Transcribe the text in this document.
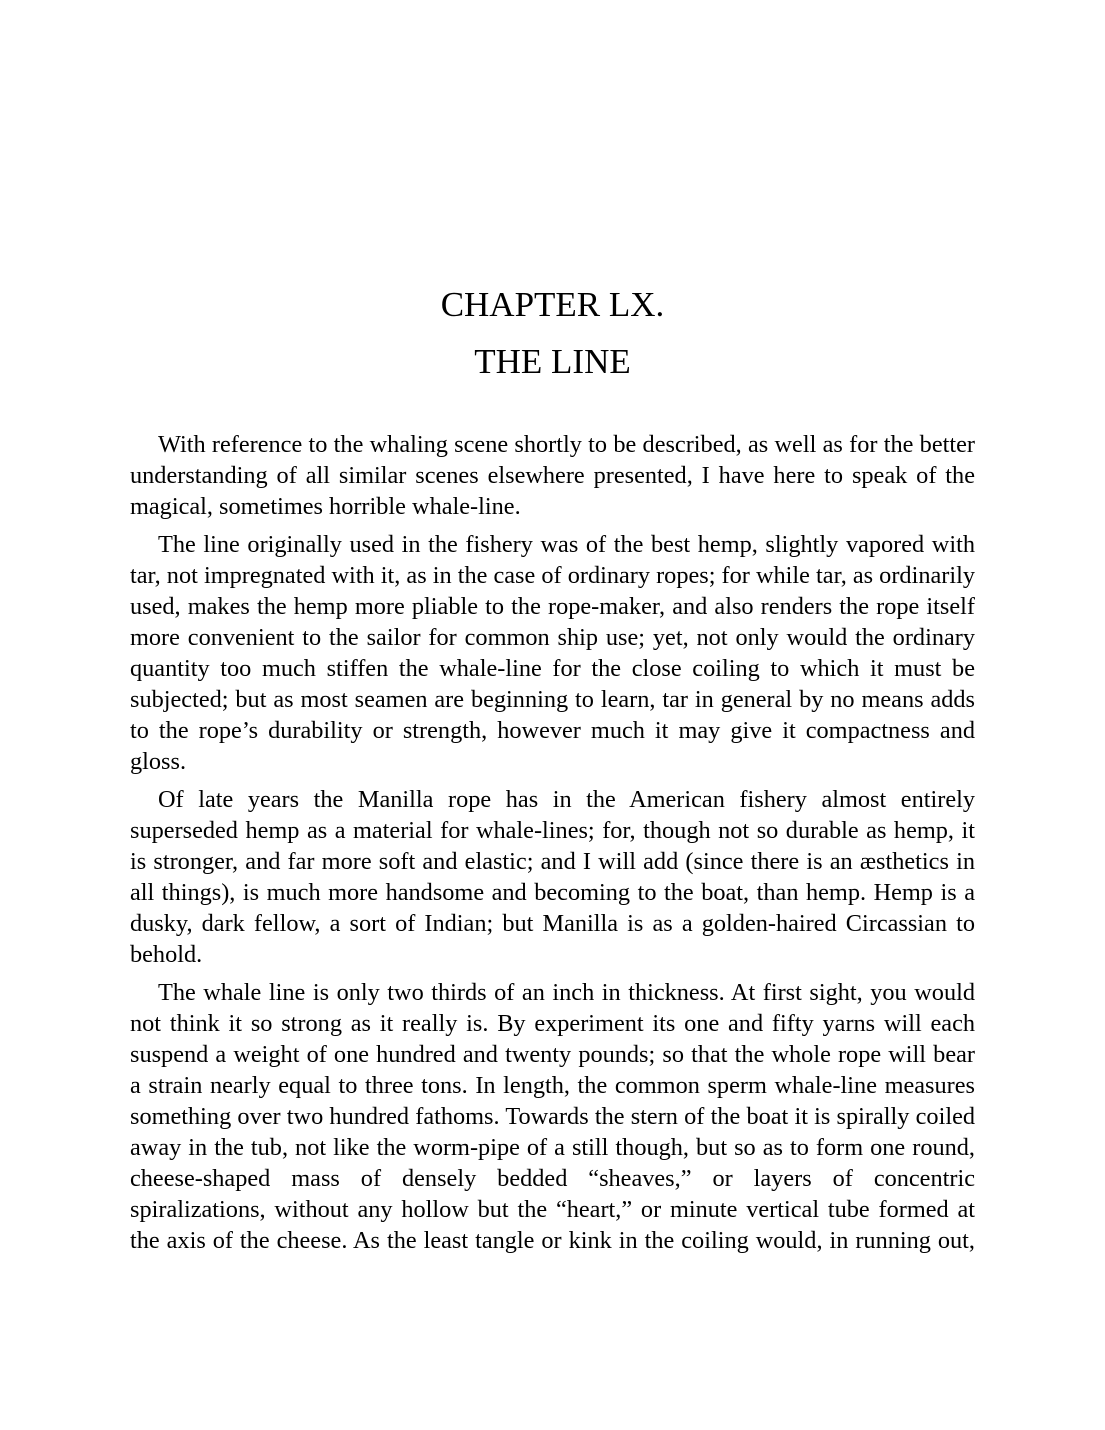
CHAPTER LX.
THE LINE

With reference to the whaling scene shortly to be described, as well as for the better understanding of all similar scenes elsewhere presented, I have here to speak of the magical, sometimes horrible whale-line.

The line originally used in the fishery was of the best hemp, slightly vapored with tar, not impregnated with it, as in the case of ordinary ropes; for while tar, as ordinarily used, makes the hemp more pliable to the rope-maker, and also renders the rope itself more convenient to the sailor for common ship use; yet, not only would the ordinary quantity too much stiffen the whale-line for the close coiling to which it must be subjected; but as most seamen are beginning to learn, tar in general by no means adds to the rope’s durability or strength, however much it may give it compactness and gloss.

Of late years the Manilla rope has in the American fishery almost entirely superseded hemp as a material for whale-lines; for, though not so durable as hemp, it is stronger, and far more soft and elastic; and I will add (since there is an æsthetics in all things), is much more handsome and becoming to the boat, than hemp. Hemp is a dusky, dark fellow, a sort of Indian; but Manilla is as a golden-haired Circassian to behold.

The whale line is only two thirds of an inch in thickness. At first sight, you would not think it so strong as it really is. By experiment its one and fifty yarns will each suspend a weight of one hundred and twenty pounds; so that the whole rope will bear a strain nearly equal to three tons. In length, the common sperm whale-line measures something over two hundred fathoms. Towards the stern of the boat it is spirally coiled away in the tub, not like the worm-pipe of a still though, but so as to form one round, cheese-shaped mass of densely bedded “sheaves,” or layers of concentric spiralizations, without any hollow but the “heart,” or minute vertical tube formed at the axis of the cheese. As the least tangle or kink in the coiling would, in running out,
